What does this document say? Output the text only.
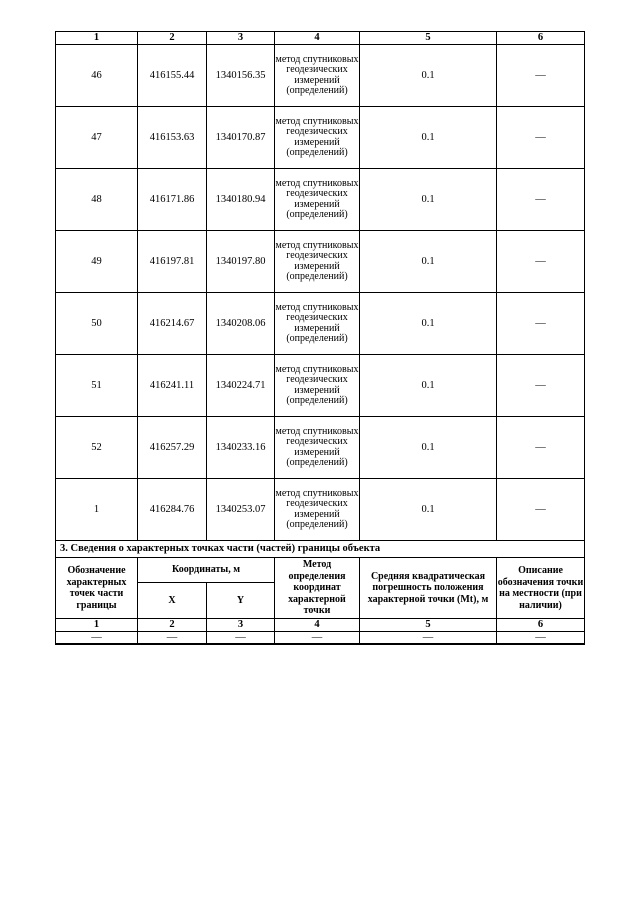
1	2	3	4	5	6
46	416155.44	1340156.35	метод спутниковых геодезических измерений (определений)	0.1	—
47	416153.63	1340170.87	метод спутниковых геодезических измерений (определений)	0.1	—
48	416171.86	1340180.94	метод спутниковых геодезических измерений (определений)	0.1	—
49	416197.81	1340197.80	метод спутниковых геодезических измерений (определений)	0.1	—
50	416214.67	1340208.06	метод спутниковых геодезических измерений (определений)	0.1	—
51	416241.11	1340224.71	метод спутниковых геодезических измерений (определений)	0.1	—
52	416257.29	1340233.16	метод спутниковых геодезических измерений (определений)	0.1	—
1	416284.76	1340253.07	метод спутниковых геодезических измерений (определений)	0.1	—
3. Сведения о характерных точках части (частей) границы объекта					
Обозначение характерных точек части границы	Координаты, м		Метод определения координат характерной точки	Средняя квадратическая погрешность положения характерной точки (Mt), м	Описание обозначения точки на местности (при наличии)
	X	Y			
1	2	3	4	5	6
—	—	—	—	—	—
